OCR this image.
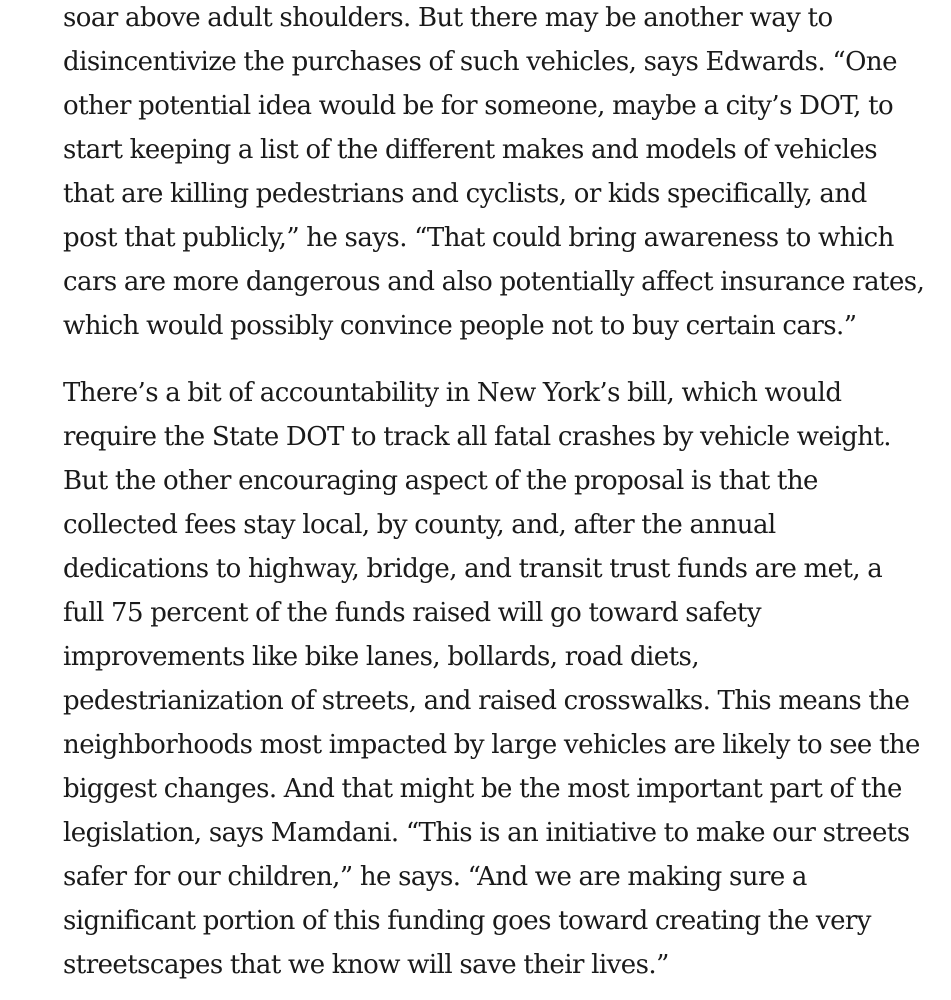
soar above adult shoulders. But there may be another way to
disincentivize the purchases of such vehicles, says Edwards. “One
other potential idea would be for someone, maybe a city’s DOT, to
start keeping a list of the different makes and models of vehicles
that are killing pedestrians and cyclists, or kids specifically, and
post that publicly,” he says. “That could bring awareness to which
cars are more dangerous and also potentially affect insurance rates,
which would possibly convince people not to buy certain cars.”

There’s a bit of accountability in New York’s bill, which would
require the State DOT to track all fatal crashes by vehicle weight.
But the other encouraging aspect of the proposal is that the
collected fees stay local, by county, and, after the annual
dedications to highway, bridge, and transit trust funds are met, a
full 75 percent of the funds raised will go toward safety
improvements like bike lanes, bollards, road diets,
pedestrianization of streets, and raised crosswalks. This means the
neighborhoods most impacted by large vehicles are likely to see the
biggest changes. And that might be the most important part of the
legislation, says Mamdani. “This is an initiative to make our streets
safer for our children,” he says. “And we are making sure a
significant portion of this funding goes toward creating the very
streetscapes that we know will save their lives.”
